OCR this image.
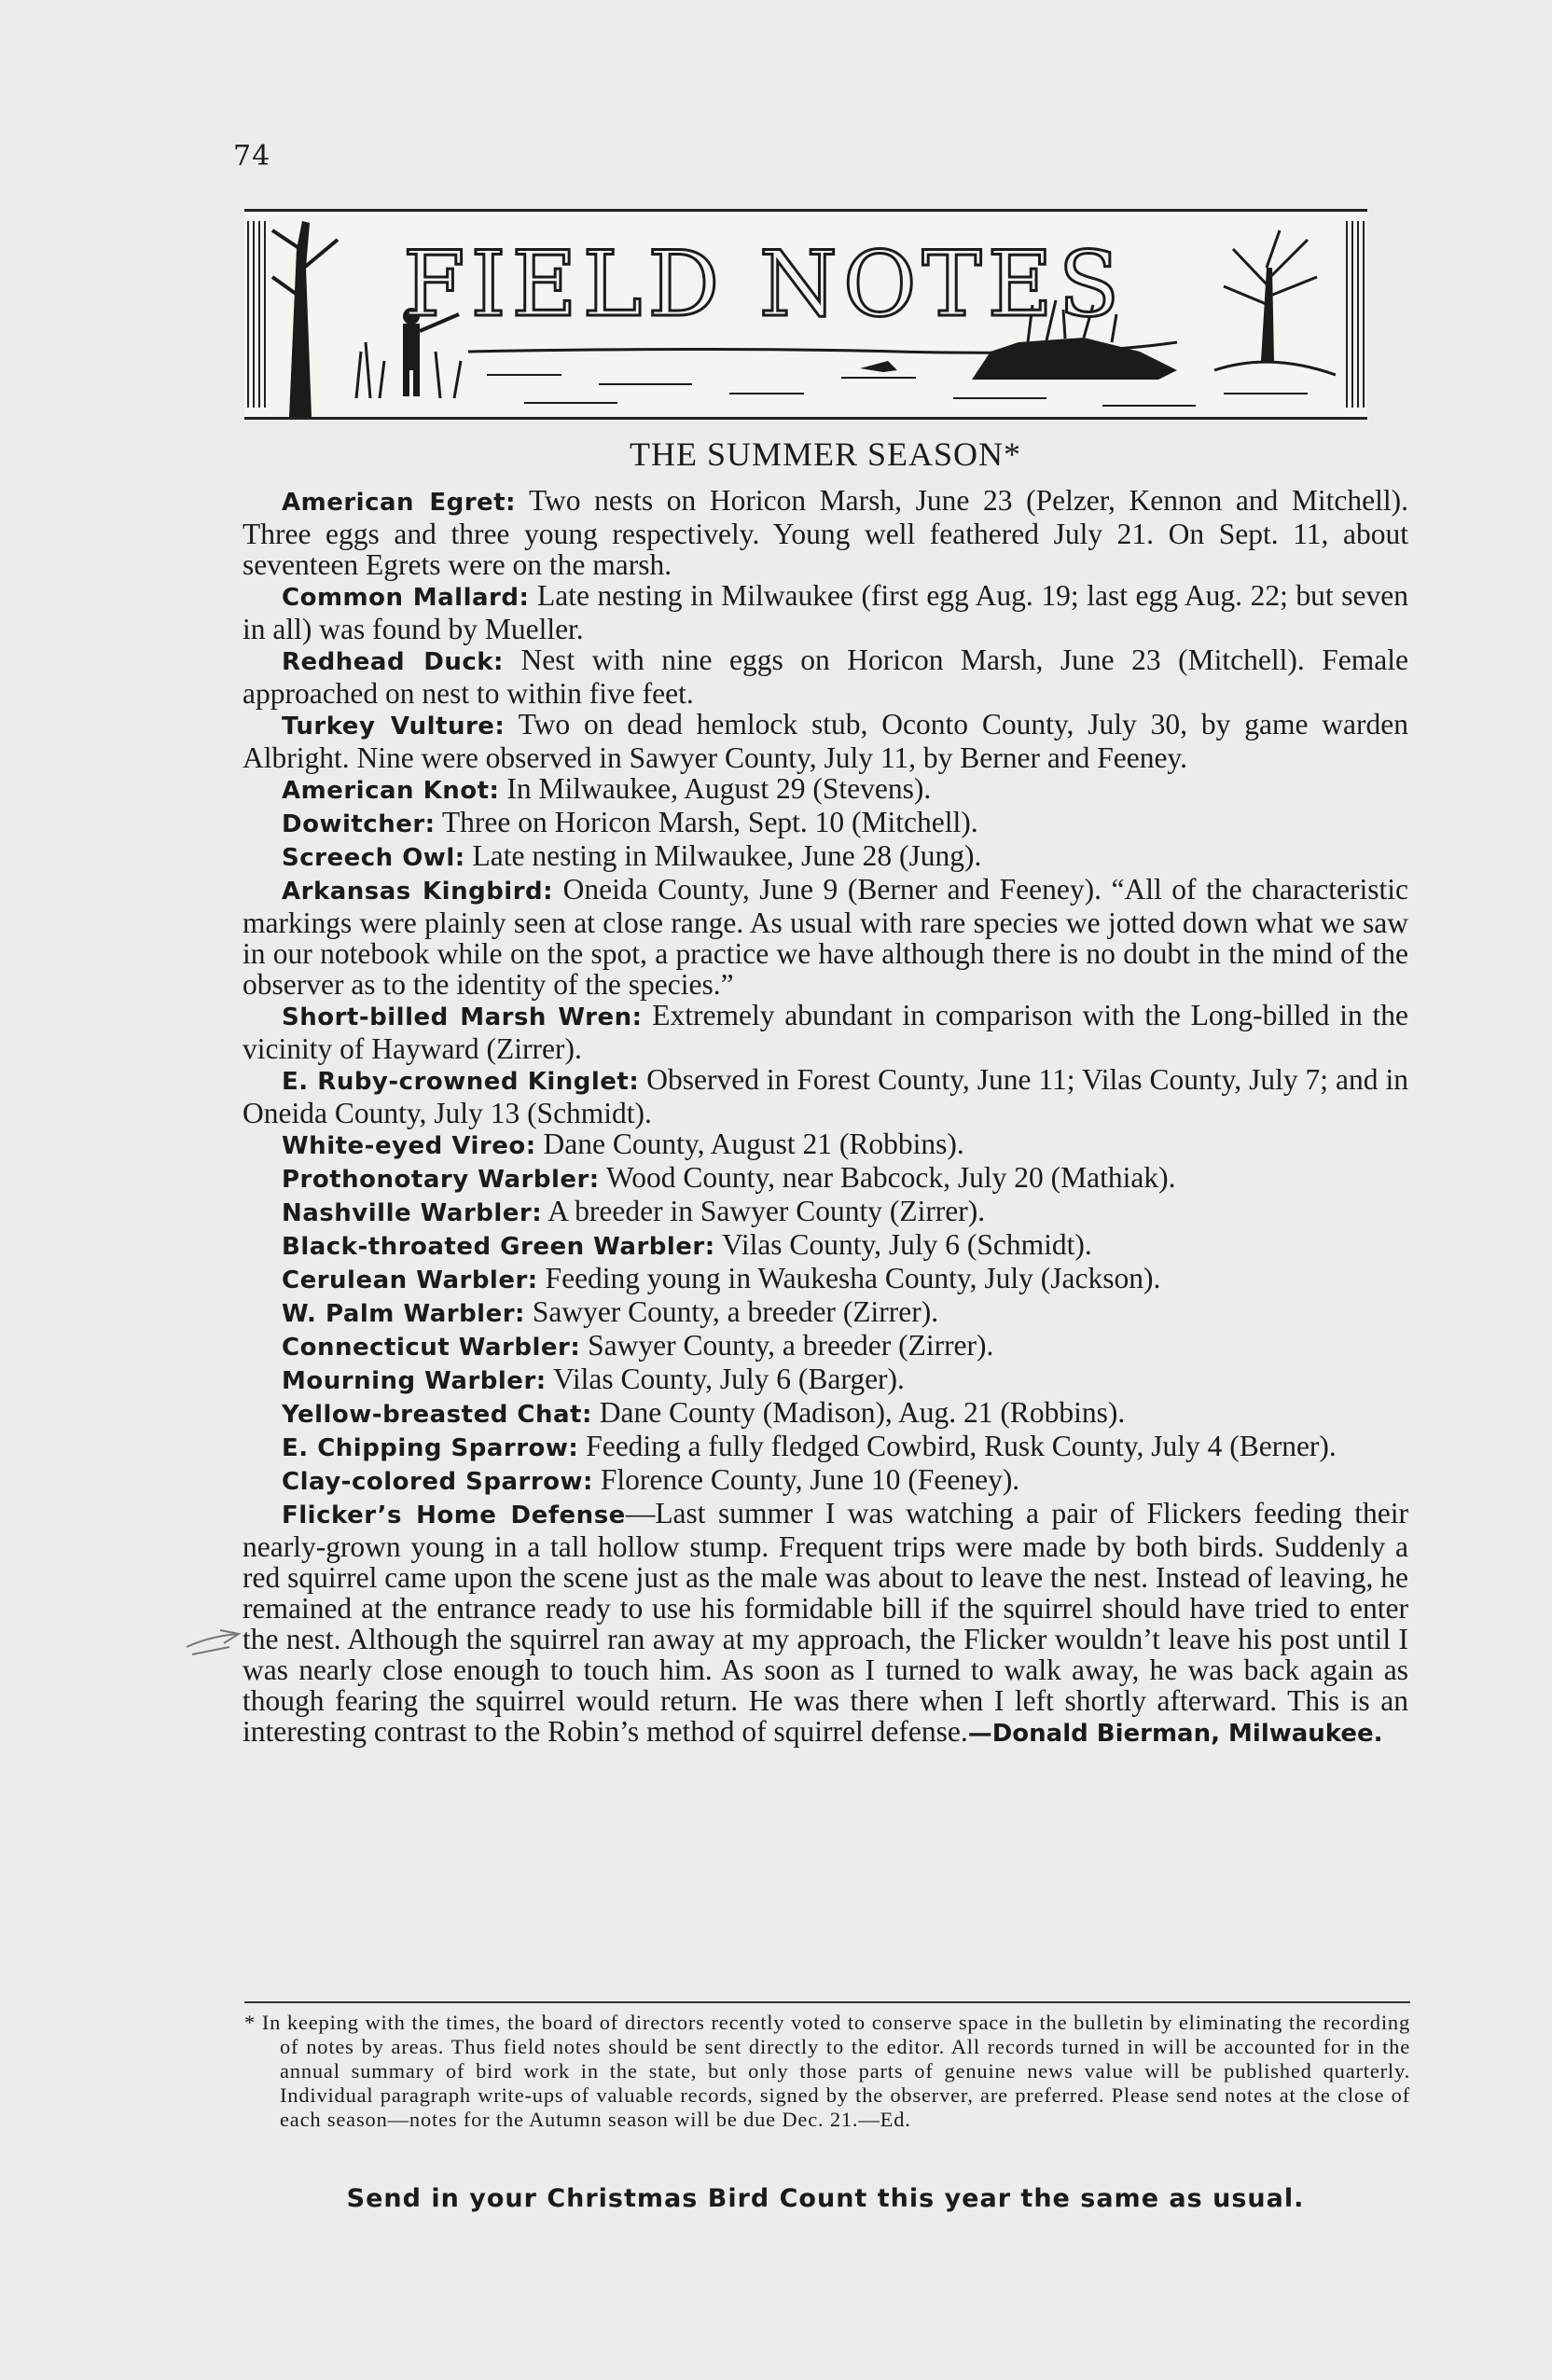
74
FIELD NOTES
THE SUMMER SEASON*

American Egret: Two nests on Horicon Marsh, June 23 (Pelzer, Kennon and Mitchell). Three eggs and three young respectively. Young well feathered July 21. On Sept. 11, about seventeen Egrets were on the marsh.

Common Mallard: Late nesting in Milwaukee (first egg Aug. 19; last egg Aug. 22; but seven in all) was found by Mueller.

Redhead Duck: Nest with nine eggs on Horicon Marsh, June 23 (Mitchell). Female approached on nest to within five feet.

Turkey Vulture: Two on dead hemlock stub, Oconto County, July 30, by game warden Albright. Nine were observed in Sawyer County, July 11, by Berner and Feeney.

American Knot: In Milwaukee, August 29 (Stevens).

Dowitcher: Three on Horicon Marsh, Sept. 10 (Mitchell).

Screech Owl: Late nesting in Milwaukee, June 28 (Jung).

Arkansas Kingbird: Oneida County, June 9 (Berner and Feeney). “All of the characteristic markings were plainly seen at close range. As usual with rare species we jotted down what we saw in our notebook while on the spot, a practice we have although there is no doubt in the mind of the observer as to the identity of the species.”

Short-billed Marsh Wren: Extremely abundant in comparison with the Long-billed in the vicinity of Hayward (Zirrer).

E. Ruby-crowned Kinglet: Observed in Forest County, June 11; Vilas County, July 7; and in Oneida County, July 13 (Schmidt).

White-eyed Vireo: Dane County, August 21 (Robbins).

Prothonotary Warbler: Wood County, near Babcock, July 20 (Mathiak).

Nashville Warbler: A breeder in Sawyer County (Zirrer).

Black-throated Green Warbler: Vilas County, July 6 (Schmidt).

Cerulean Warbler: Feeding young in Waukesha County, July (Jackson).

W. Palm Warbler: Sawyer County, a breeder (Zirrer).

Connecticut Warbler: Sawyer County, a breeder (Zirrer).

Mourning Warbler: Vilas County, July 6 (Barger).

Yellow-breasted Chat: Dane County (Madison), Aug. 21 (Robbins).

E. Chipping Sparrow: Feeding a fully fledged Cowbird, Rusk County, July 4 (Berner).

Clay-colored Sparrow: Florence County, June 10 (Feeney).

Flicker’s Home Defense—Last summer I was watching a pair of Flickers feeding their nearly-grown young in a tall hollow stump. Frequent trips were made by both birds. Suddenly a red squirrel came upon the scene just as the male was about to leave the nest. Instead of leaving, he remained at the entrance ready to use his formidable bill if the squirrel should have tried to enter the nest. Although the squirrel ran away at my approach, the Flicker wouldn’t leave his post until I was nearly close enough to touch him. As soon as I turned to walk away, he was back again as though fearing the squirrel would return. He was there when I left shortly afterward. This is an interesting contrast to the Robin’s method of squirrel defense.—Donald Bierman, Milwaukee.

* In keeping with the times, the board of directors recently voted to conserve space in the bulletin by eliminating the recording of notes by areas. Thus field notes should be sent directly to the editor. All records turned in will be accounted for in the annual summary of bird work in the state, but only those parts of genuine news value will be published quarterly. Individual paragraph write-ups of valuable records, signed by the observer, are preferred. Please send notes at the close of each season—notes for the Autumn season will be due Dec. 21.—Ed.
Send in your Christmas Bird Count this year the same as usual.
